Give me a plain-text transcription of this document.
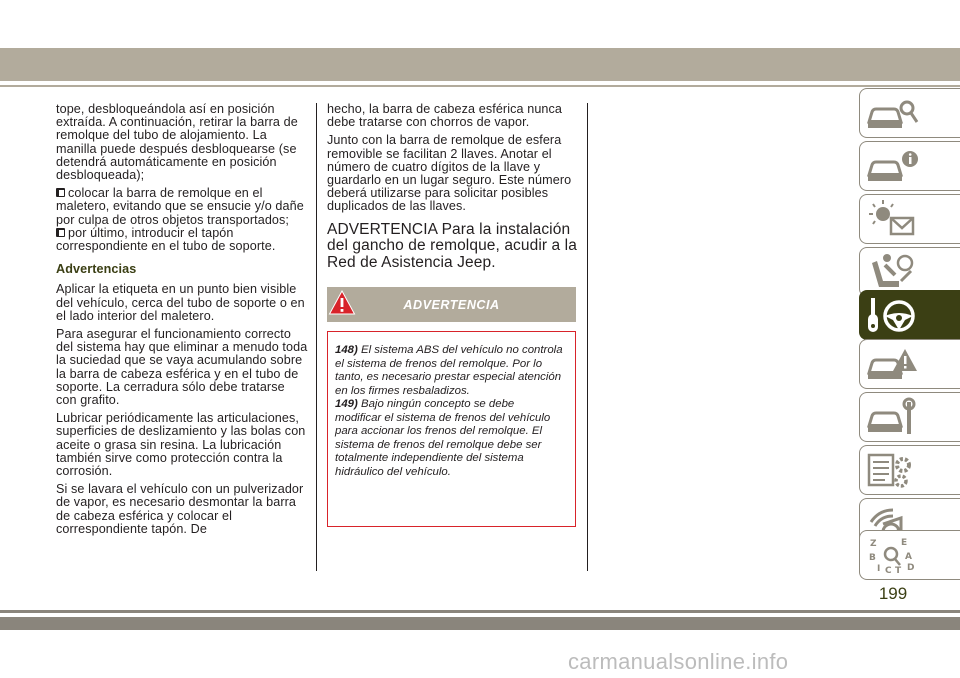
tope, desbloqueándola así en posición extraída. A continuación, retirar la barra de remolque del tubo de alojamiento. La manilla puede después desbloquearse (se detendrá automáticamente en posición desbloqueada);

colocar la barra de remolque en el maletero, evitando que se ensucie y/o dañe por culpa de otros objetos transportados;

por último, introducir el tapón correspondiente en el tubo de soporte.

Advertencias

Aplicar la etiqueta en un punto bien visible del vehículo, cerca del tubo de soporte o en el lado interior del maletero.

Para asegurar el funcionamiento correcto del sistema hay que eliminar a menudo toda la suciedad que se vaya acumulando sobre la barra de cabeza esférica y en el tubo de soporte. La cerradura sólo debe tratarse con grafito.

Lubricar periódicamente las articulaciones, superficies de deslizamiento y las bolas con aceite o grasa sin resina. La lubricación también sirve como protección contra la corrosión.

Si se lavara el vehículo con un pulverizador de vapor, es necesario desmontar la barra de cabeza esférica y colocar el correspondiente tapón. De

hecho, la barra de cabeza esférica nunca debe tratarse con chorros de vapor.

Junto con la barra de remolque de esfera removible se facilitan 2 llaves. Anotar el número de cuatro dígitos de la llave y guardarlo en un lugar seguro. Este número deberá utilizarse para solicitar posibles duplicados de las llaves.

ADVERTENCIA Para la instalación del gancho de remolque, acudir a la Red de Asistencia Jeep.

ADVERTENCIA
148) El sistema ABS del vehículo no controla el sistema de frenos del remolque. Por lo tanto, es necesario prestar especial atención en los firmes resbaladizos.
149) Bajo ningún concepto se debe modificar el sistema de frenos del vehículo para accionar los frenos del remolque. El sistema de frenos del remolque debe ser totalmente independiente del sistema hidráulico del vehículo.
Z	E
B	A
I C T D
199
carmanualsonline.info
